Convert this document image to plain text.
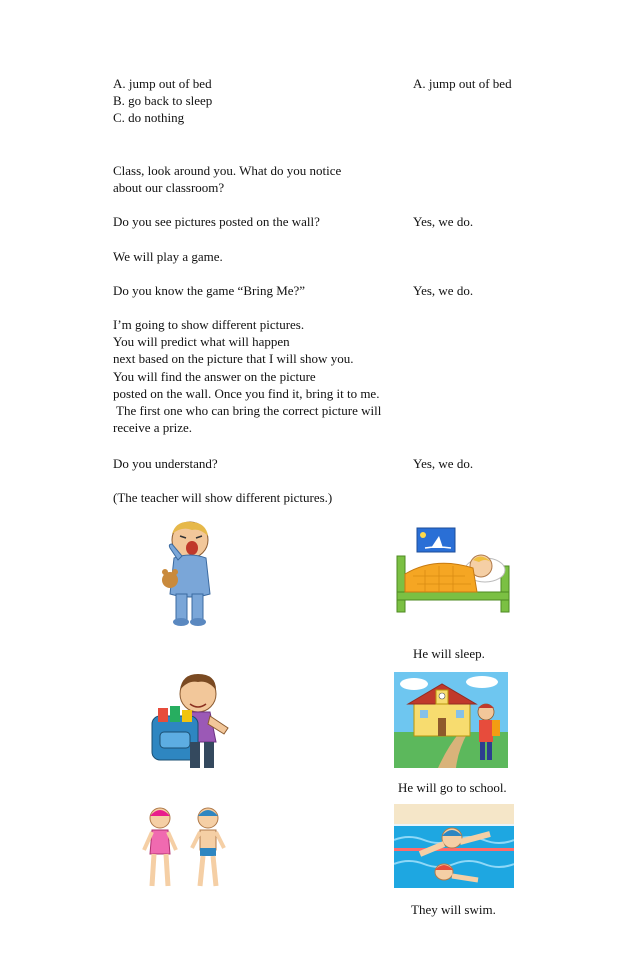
A. jump out of bed

B. go back to sleep

C. do nothing

A. jump out of bed

Class, look around you. What do you notice

about our classroom?

Do you see pictures posted on the wall?	Yes, we do.

We will play a game.

Do you know the game “Bring Me?”	Yes, we do.

I’m going to show different pictures.

You will predict what will happen

next based on the picture that I will show you.

You will find the answer on the picture

posted on the wall. Once you find it, bring it to me.

The first one who can bring the correct picture will

receive a prize.

Do you understand?	Yes, we do.

(The teacher will show different pictures.)

He will sleep.

He will go to school.

They will swim.
